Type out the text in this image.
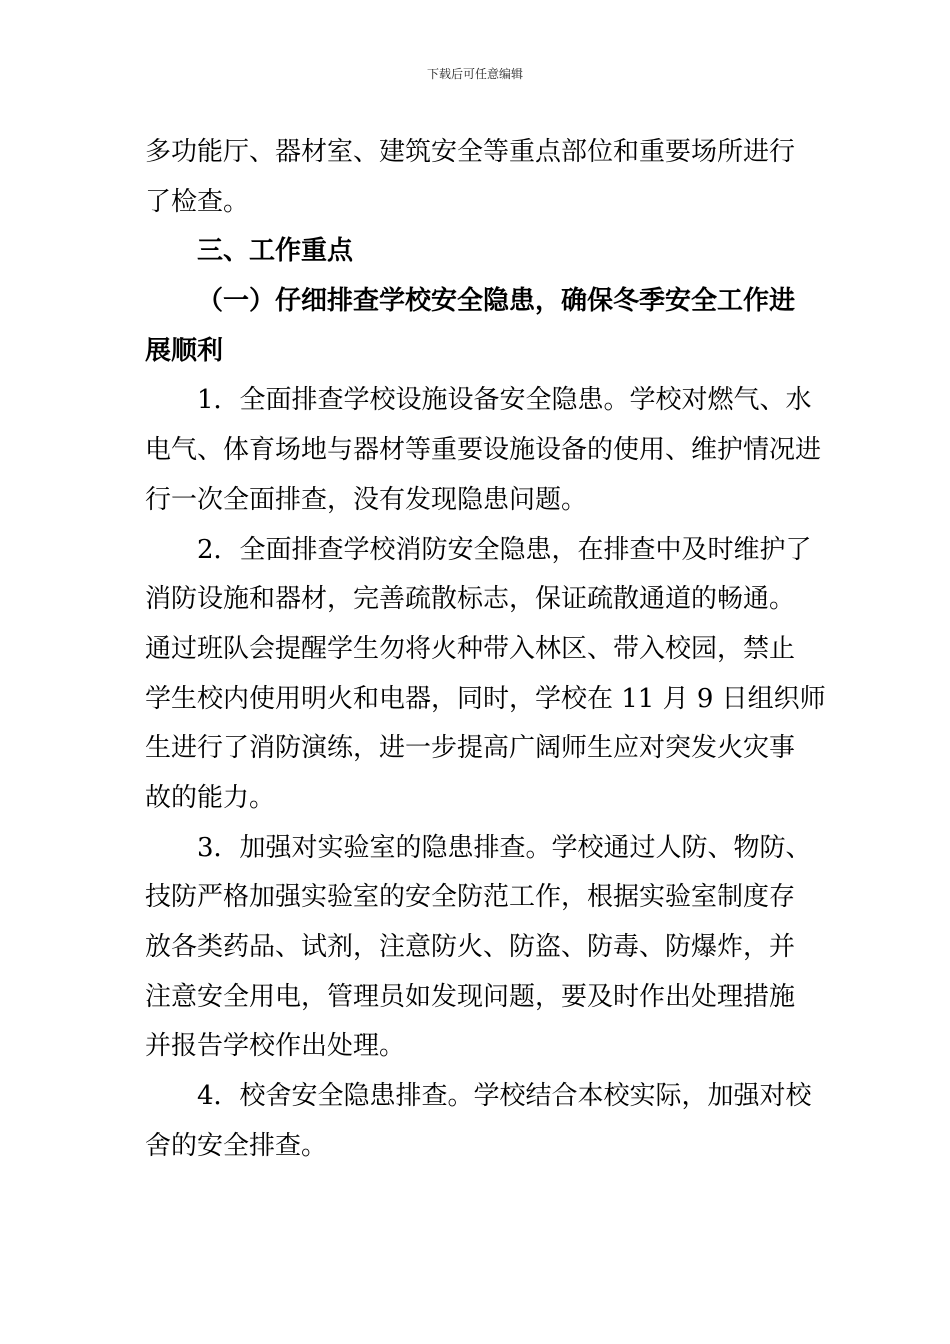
下载后可任意编辑
多功能厅、器材室、建筑安全等重点部位和重要场所进行
了检查。
三、工作重点
（一）仔细排查学校安全隐患，确保冬季安全工作进
展顺利
1．全面排查学校设施设备安全隐患。学校对燃气、水
电气、体育场地与器材等重要设施设备的使用、维护情况进
行一次全面排查，没有发现隐患问题。
2．全面排查学校消防安全隐患，在排查中及时维护了
消防设施和器材，完善疏散标志，保证疏散通道的畅通。
通过班队会提醒学生勿将火种带入林区、带入校园，禁止
学生校内使用明火和电器，同时，学校在 11 月 9 日组织师
生进行了消防演练，进一步提高广阔师生应对突发火灾事
故的能力。
3．加强对实验室的隐患排查。学校通过人防、物防、
技防严格加强实验室的安全防范工作，根据实验室制度存
放各类药品、试剂，注意防火、防盗、防毒、防爆炸，并
注意安全用电，管理员如发现问题，要及时作出处理措施
并报告学校作出处理。
4．校舍安全隐患排查。学校结合本校实际，加强对校
舍的安全排查。
